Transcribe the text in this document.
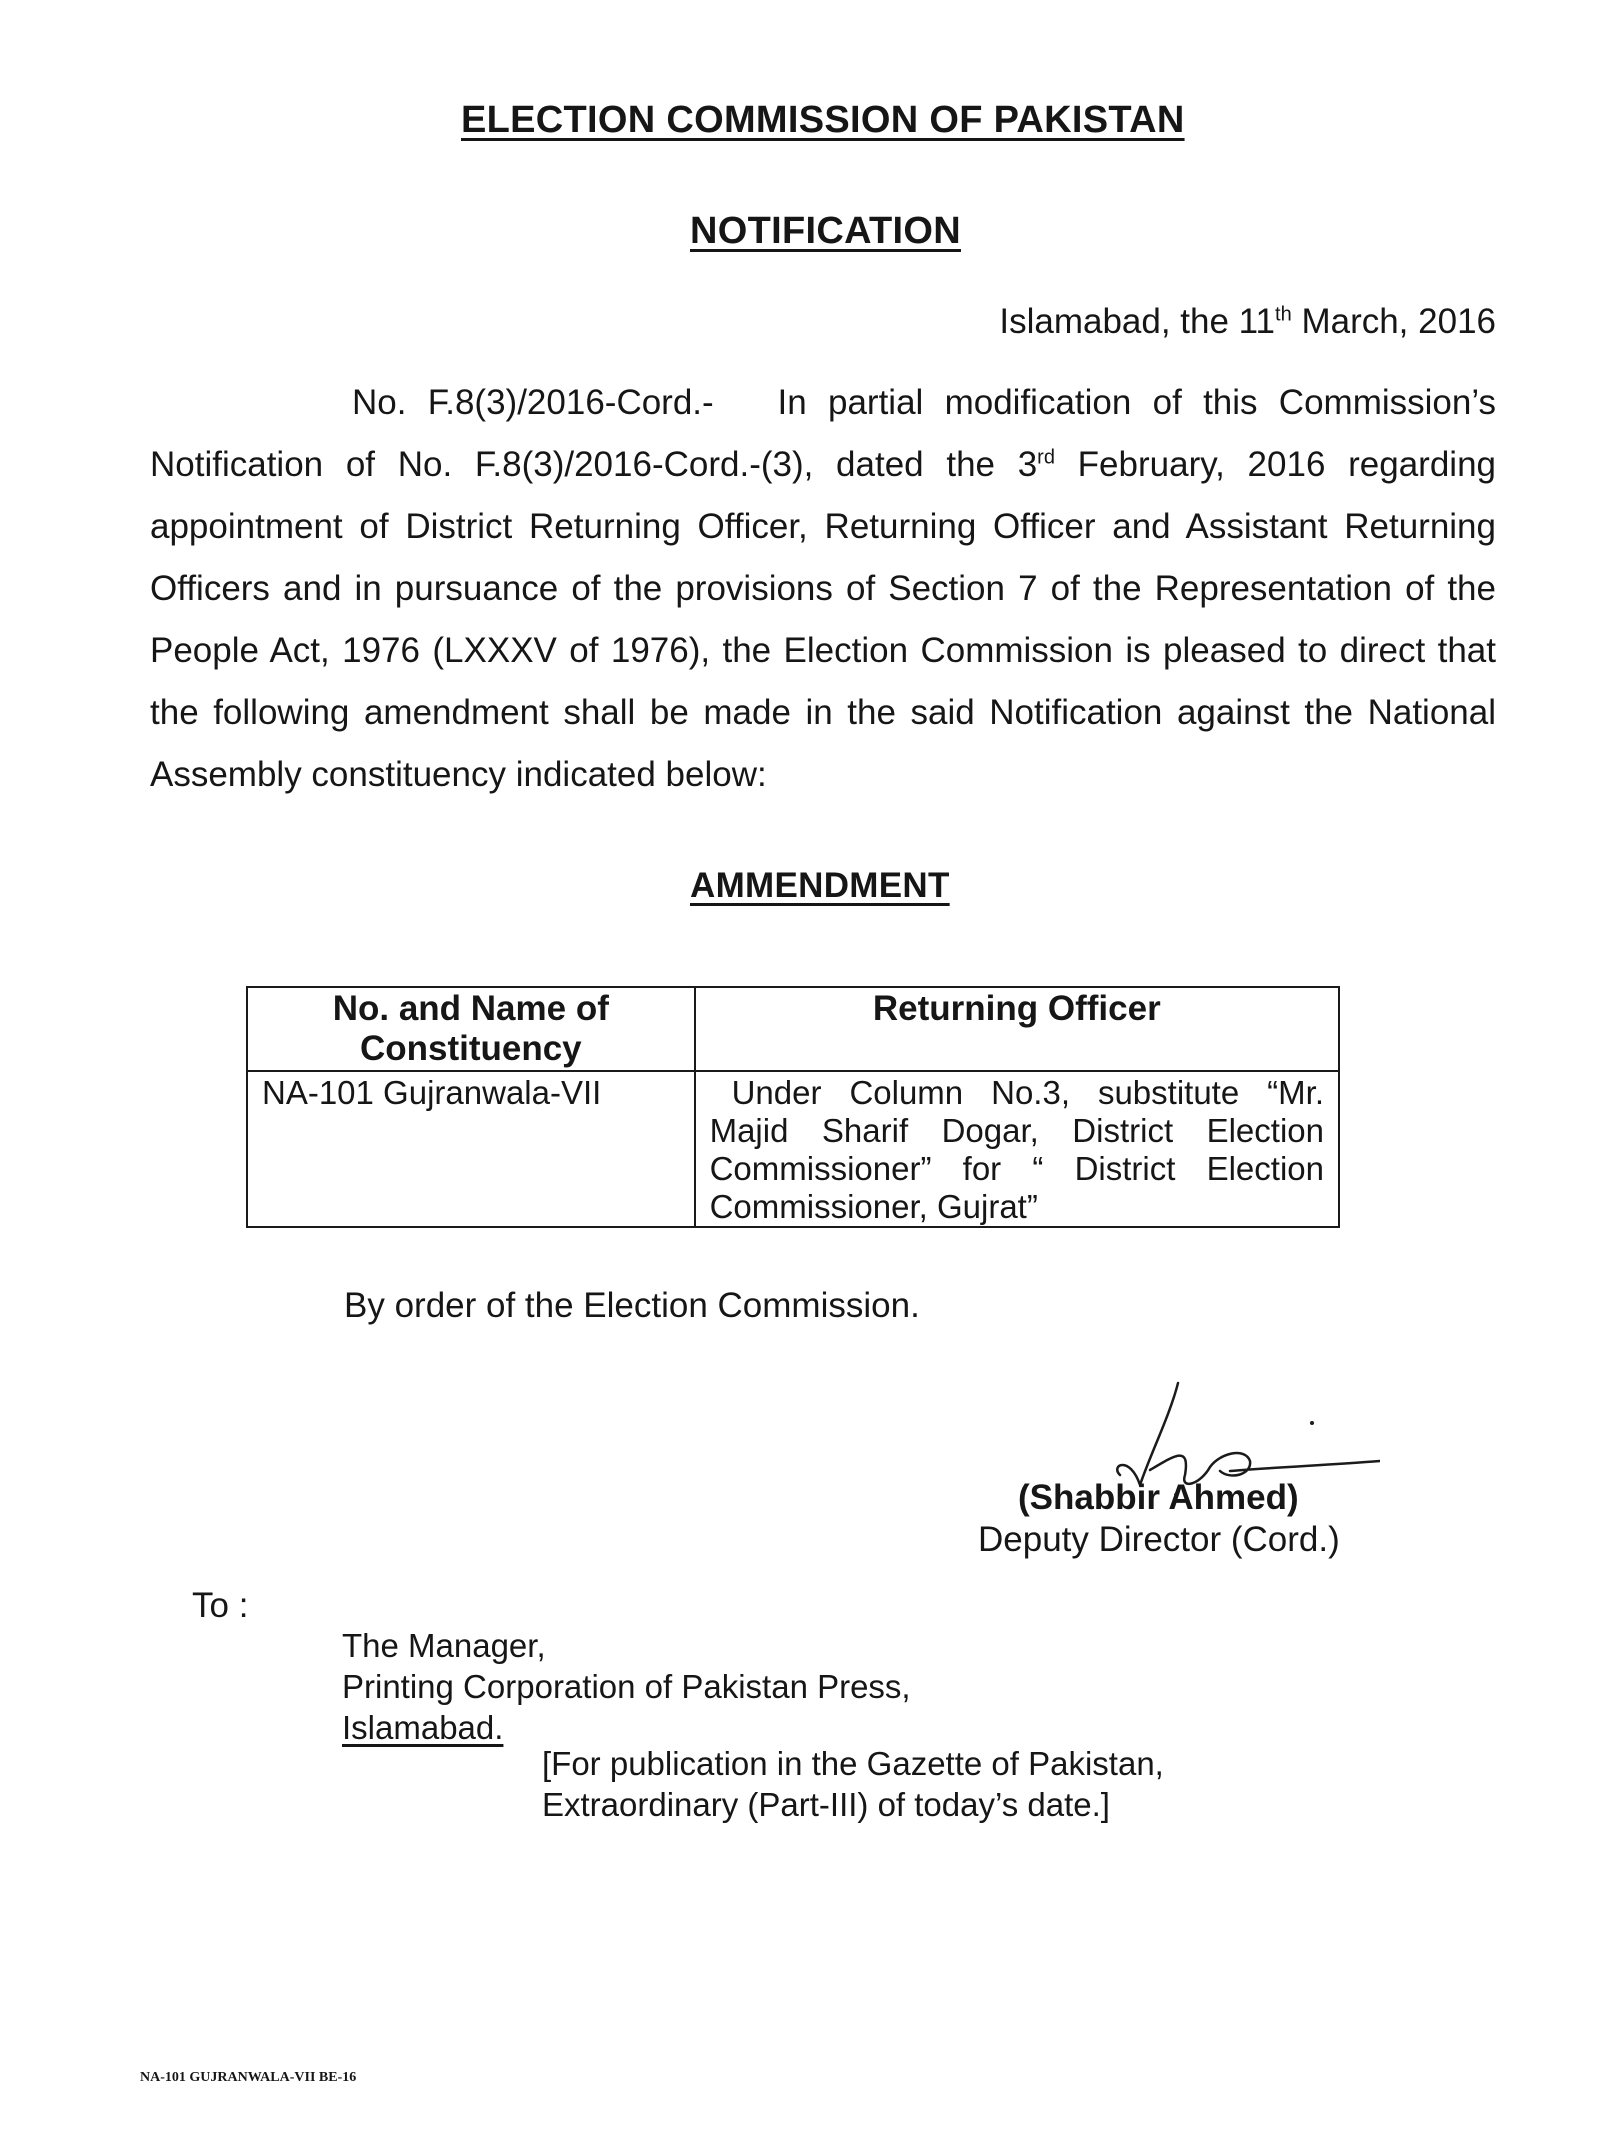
ELECTION COMMISSION OF PAKISTAN
NOTIFICATION
Islamabad, the 11th March, 2016
No. F.8(3)/2016-Cord.- In partial modification of this Commission’s Notification of No. F.8(3)/2016-Cord.-(3), dated the 3rd February, 2016 regarding appointment of District Returning Officer, Returning Officer and Assistant Returning Officers and in pursuance of the provisions of Section 7 of the Representation of the People Act, 1976 (LXXXV of 1976), the Election Commission is pleased to direct that the following amendment shall be made in the said Notification against the National Assembly constituency indicated below:
AMMENDMENT
No. and Name of Constituency	Returning Officer
NA-101 Gujranwala-VII	Under Column No.3, substitute “Mr. Majid Sharif Dogar, District Election Commissioner” for “ District Election Commissioner, Gujrat”
By order of the Election Commission.
(Shabbir Ahmed)
Deputy Director (Cord.)
To :
The Manager,
Printing Corporation of Pakistan Press,
Islamabad.
[For publication in the Gazette of Pakistan,
Extraordinary (Part-III) of today’s date.]
NA-101 GUJRANWALA-VII BE-16
